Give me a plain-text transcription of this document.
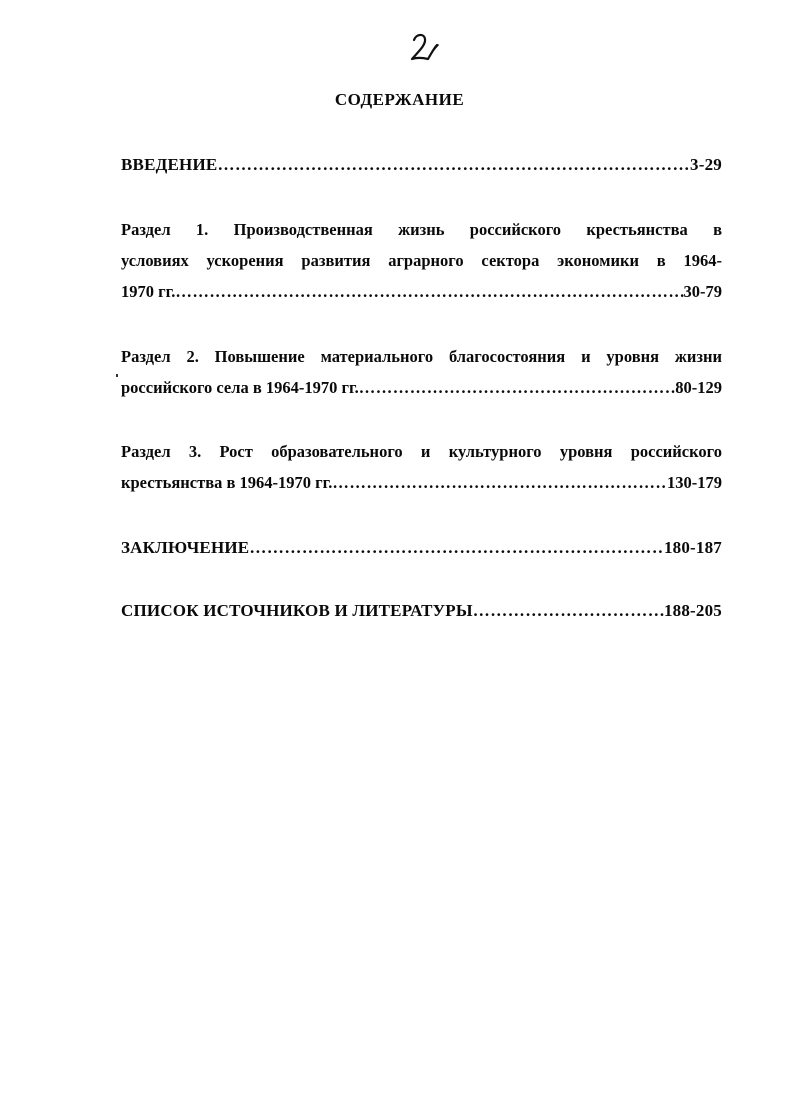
СОДЕРЖАНИЕ
ВВЕДЕНИЕ ………………………………………………………………………………………………………………………………………………………………………	3-29
Раздел 1. Производственная жизнь российского крестьянства в
условиях ускорения развития аграрного сектора экономики в 1964-
1970 гг. ………………………………………………………………………………………………………………………………………………………………………	30-79
Раздел 2. Повышение материального благосостояния и уровня жизни
российского села в 1964-1970 гг. ………………………………………………………………………………………………………………………………………………………………………	80-129
Раздел 3. Рост образовательного и культурного уровня российского
крестьянства в 1964-1970 гг. ………………………………………………………………………………………………………………………………………………………………………	130-179
ЗАКЛЮЧЕНИЕ ………………………………………………………………………………………………………………………………………………………………………	180-187
СПИСОК ИСТОЧНИКОВ И ЛИТЕРАТУРЫ ………………………………………………………………………………………………………………………………………………………………………	188-205
